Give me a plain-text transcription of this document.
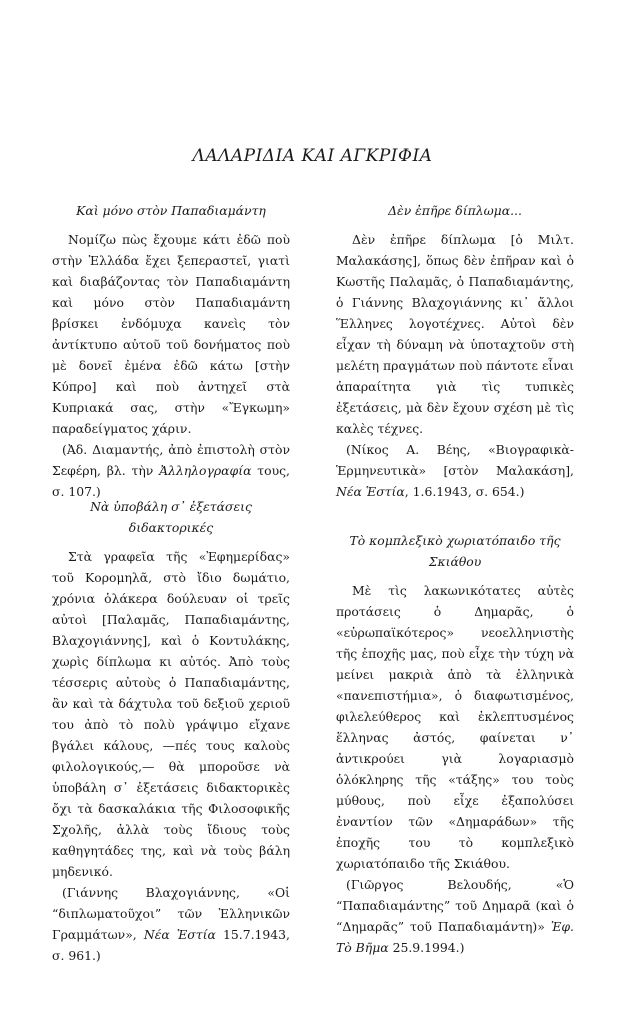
ΛΑΛΑΡΙΔΙΑ ΚΑΙ ΑΓΚΡΙΦΙΑ

Καὶ μόνο στὸν Παπαδιαμάντη

Νομίζω πὼς ἔχουμε κάτι ἐδῶ ποὺ στὴν Ἑλλάδα ἔχει ξεπεραστεῖ, γιατὶ καὶ διαβάζοντας τὸν Παπαδιαμάντη καὶ μόνο στὸν Παπαδιαμάντη βρίσκει ἐνδόμυχα κανεὶς τὸν ἀντίκτυπο αὐτοῦ τοῦ δονήματος ποὺ μὲ δονεῖ ἐμένα ἐδῶ κάτω [στὴν Κύπρο] καὶ ποὺ ἀντηχεῖ στὰ Κυπριακά σας, στὴν «Ἔγκωμη» παραδείγματος χάριν.

(Ἀδ. Διαμαντής, ἀπὸ ἐπιστολὴ στὸν Σεφέρη, βλ. τὴν Ἀλληλογραφία τους, σ. 107.)

Νὰ ὑποβάλη σ᾽ ἐξετάσεις διδακτορικές

Στὰ γραφεῖα τῆς «Ἐφημερίδας» τοῦ Κορομηλᾶ, στὸ ἴδιο δωμάτιο, χρόνια ὁλάκερα δούλευαν οἱ τρεῖς αὐτοὶ [Παλαμᾶς, Παπαδιαμάντης, Βλαχογιάννης], καὶ ὁ Κοντυλάκης, χωρὶς δίπλωμα κι αὐτός. Ἀπὸ τοὺς τέσσερις αὐτοὺς ὁ Παπαδιαμάντης, ἂν καὶ τὰ δάχτυλα τοῦ δεξιοῦ χεριοῦ του ἀπὸ τὸ πολὺ γράψιμο εἴχανε βγάλει κάλους, —πές τους καλοὺς φιλολογικούς,— θὰ μποροῦσε νὰ ὑποβάλη σ᾽ ἐξετάσεις διδακτορικὲς ὄχι τὰ δασκαλάκια τῆς Φιλοσοφικῆς Σχολῆς, ἀλλὰ τοὺς ἴδιους τοὺς καθηγητάδες της, καὶ νὰ τοὺς βάλη μηδενικό.

(Γιάννης Βλαχογιάννης, «Οἱ “διπλωματοῦχοι” τῶν Ἑλληνικῶν Γραμμάτων», Νέα Ἑστία 15.7.1943, σ. 961.)

Δὲν ἐπῆρε δίπλωμα...

Δὲν ἐπῆρε δίπλωμα [ὁ Μιλτ. Μαλακάσης], ὅπως δὲν ἐπῆραν καὶ ὁ Κωστῆς Παλαμᾶς, ὁ Παπαδιαμάντης, ὁ Γιάννης Βλαχογιάννης κι᾽ ἄλλοι Ἕλληνες λογοτέχνες. Αὐτοὶ δὲν εἶχαν τὴ δύναμη νὰ ὑποταχτοῦν στὴ μελέτη πραγμάτων ποὺ πάντοτε εἶναι ἀπαραίτητα γιὰ τὶς τυπικὲς ἐξετάσεις, μὰ δὲν ἔχουν σχέση μὲ τὶς καλὲς τέχνες.

(Νίκος Α. Βέης, «Βιογραφικὰ-Ἑρμηνευτικὰ» [στὸν Μαλακάση], Νέα Ἑστία, 1.6.1943, σ. 654.)

Τὸ κομπλεξικὸ χωριατόπαιδο τῆς Σκιάθου

Μὲ τὶς λακωνικότατες αὐτὲς προτάσεις ὁ Δημαρᾶς, ὁ «εὐρωπαϊκότερος» νεοελληνιστὴς τῆς ἐποχῆς μας, ποὺ εἶχε τὴν τύχη νὰ μείνει μακριὰ ἀπὸ τὰ ἑλληνικὰ «πανεπιστήμια», ὁ διαφωτισμένος, φιλελεύθερος καὶ ἐκλεπτυσμένος ἕλληνας ἀστός, φαίνεται ν᾽ ἀντικρούει γιὰ λογαριασμὸ ὁλόκληρης τῆς «τάξης» του τοὺς μύθους, ποὺ εἶχε ἐξαπολύσει ἐναντίον τῶν «Δημαράδων» τῆς ἐποχῆς του τὸ κομπλεξικὸ χωριατόπαιδο τῆς Σκιάθου.

(Γιῶργος Βελουδής, «Ὁ “Παπαδιαμάντης” τοῦ Δημαρᾶ (καὶ ὁ “Δημαρᾶς” τοῦ Παπαδιαμάντη)» Ἐφ. Τὸ Βῆμα 25.9.1994.)
